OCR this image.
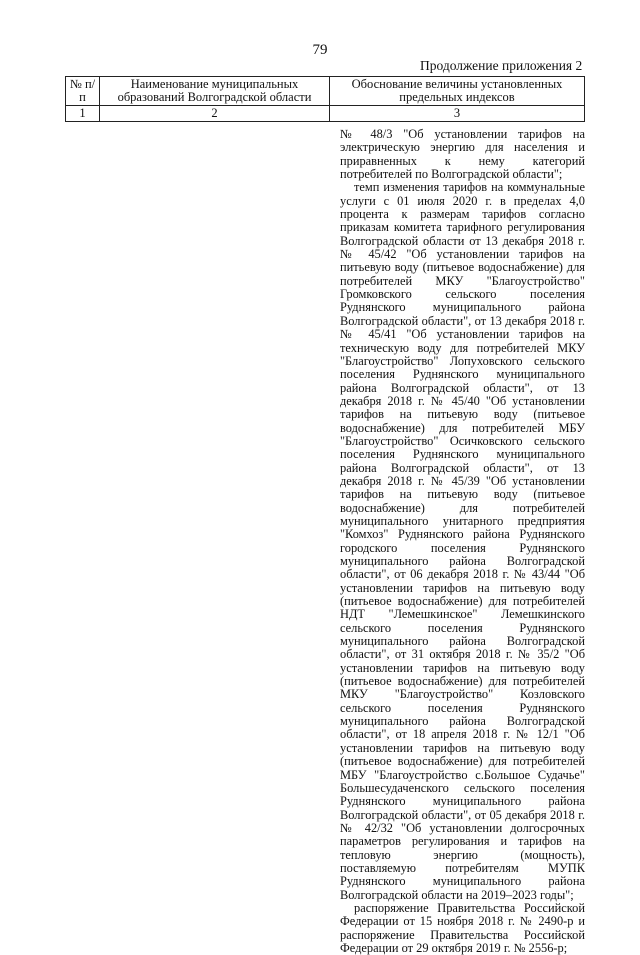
79
Продолжение приложения 2
№ п/п	Наименование муниципальных образований Волгоградской области	Обоснование величины установленных предельных индексов
1	2	3

№ 48/3 "Об установлении тарифов на электрическую энергию для населения и приравненных к нему категорий потребителей по Волгоградской области";

темп изменения тарифов на коммунальные услуги с 01 июля 2020 г. в пределах 4,0 процента к размерам тарифов согласно приказам комитета тарифного регулирования Волгоградской области от 13 декабря 2018 г. № 45/42 "Об установлении тарифов на питьевую воду (питьевое водоснабжение) для потребителей МКУ "Благоустройство" Громковского сельского поселения Руднянского муниципального района Волгоградской области", от 13 декабря 2018 г. № 45/41 "Об установлении тарифов на техническую воду для потребителей МКУ "Благоустройство" Лопуховского сельского поселения Руднянского муниципального района Волгоградской области", от 13 декабря 2018 г. № 45/40 "Об установлении тарифов на питьевую воду (питьевое водоснабжение) для потребителей МБУ "Благоустройство" Осичковского сельского поселения Руднянского муниципального района Волгоградской области", от 13 декабря 2018 г. № 45/39 "Об установлении тарифов на питьевую воду (питьевое водоснабжение) для потребителей муниципального унитарного предприятия "Комхоз" Руднянского района Руднянского городского поселения Руднянского муниципального района Волгоградской области", от 06 декабря 2018 г. № 43/44 "Об установлении тарифов на питьевую воду (питьевое водоснабжение) для потребителей НДТ "Лемешкинское" Лемешкинского сельского поселения Руднянского муниципального района Волгоградской области", от 31 октября 2018 г. № 35/2 "Об установлении тарифов на питьевую воду (питьевое водоснабжение) для потребителей МКУ "Благоустройство" Козловского сельского поселения Руднянского муниципального района Волгоградской области", от 18 апреля 2018 г. № 12/1 "Об установлении тарифов на питьевую воду (питьевое водоснабжение) для потребителей МБУ "Благоустройство с.Большое Судачье" Большесудаченского сельского поселения Руднянского муниципального района Волгоградской области", от 05 декабря 2018 г. № 42/32 "Об установлении долгосрочных параметров регулирования и тарифов на тепловую энергию (мощность), поставляемую потребителям МУПК Руднянского муниципального района Волгоградской области на 2019–2023 годы";

распоряжение Правительства Российской Федерации от 15 ноября 2018 г. № 2490-р и распоряжение Правительства Российской Федерации от 29 октября 2019 г. № 2556-р;
